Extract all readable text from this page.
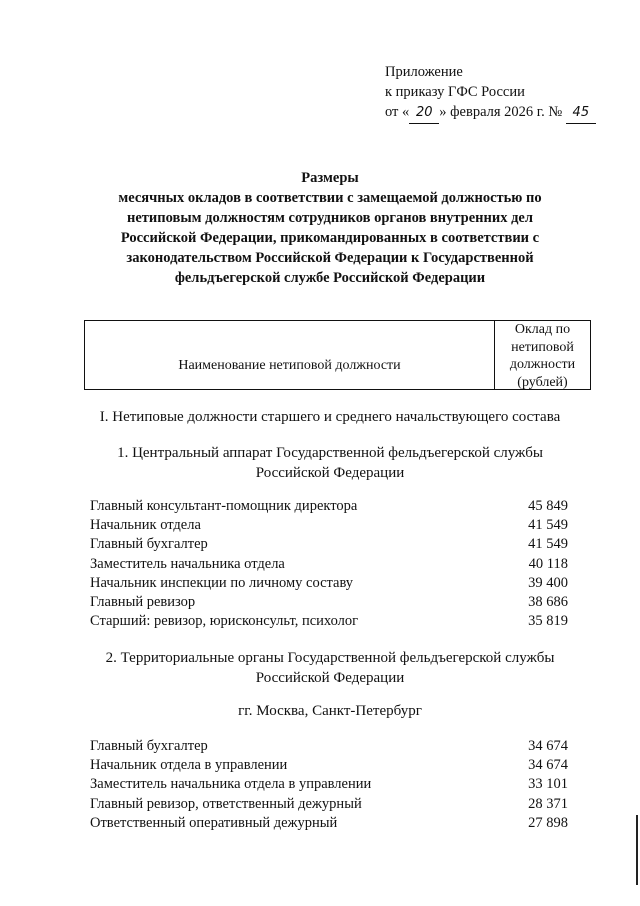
Приложение
к приказу ГФС России
от « 20 » февраля 2026 г. № 45
Размеры
месячных окладов в соответствии с замещаемой должностью по
нетиповым должностям сотрудников органов внутренних дел
Российской Федерации, прикомандированных в соответствии с
законодательством Российской Федерации к Государственной
фельдъегерской службе Российской Федерации
Наименование нетиповой должности
Оклад по
нетиповой
должности
(рублей)
I. Нетиповые должности старшего и среднего начальствующего состава
1. Центральный аппарат Государственной фельдъегерской службы
Российской Федерации
Главный консультант-помощник директора	45 849
Начальник отдела	41 549
Главный бухгалтер	41 549
Заместитель начальника отдела	40 118
Начальник инспекции по личному составу	39 400
Главный ревизор	38 686
Старший: ревизор, юрисконсульт, психолог	35 819
2. Территориальные органы Государственной фельдъегерской службы
Российской Федерации
гг. Москва, Санкт-Петербург
Главный бухгалтер	34 674
Начальник отдела в управлении	34 674
Заместитель начальника отдела в управлении	33 101
Главный ревизор, ответственный дежурный	28 371
Ответственный оперативный дежурный	27 898
